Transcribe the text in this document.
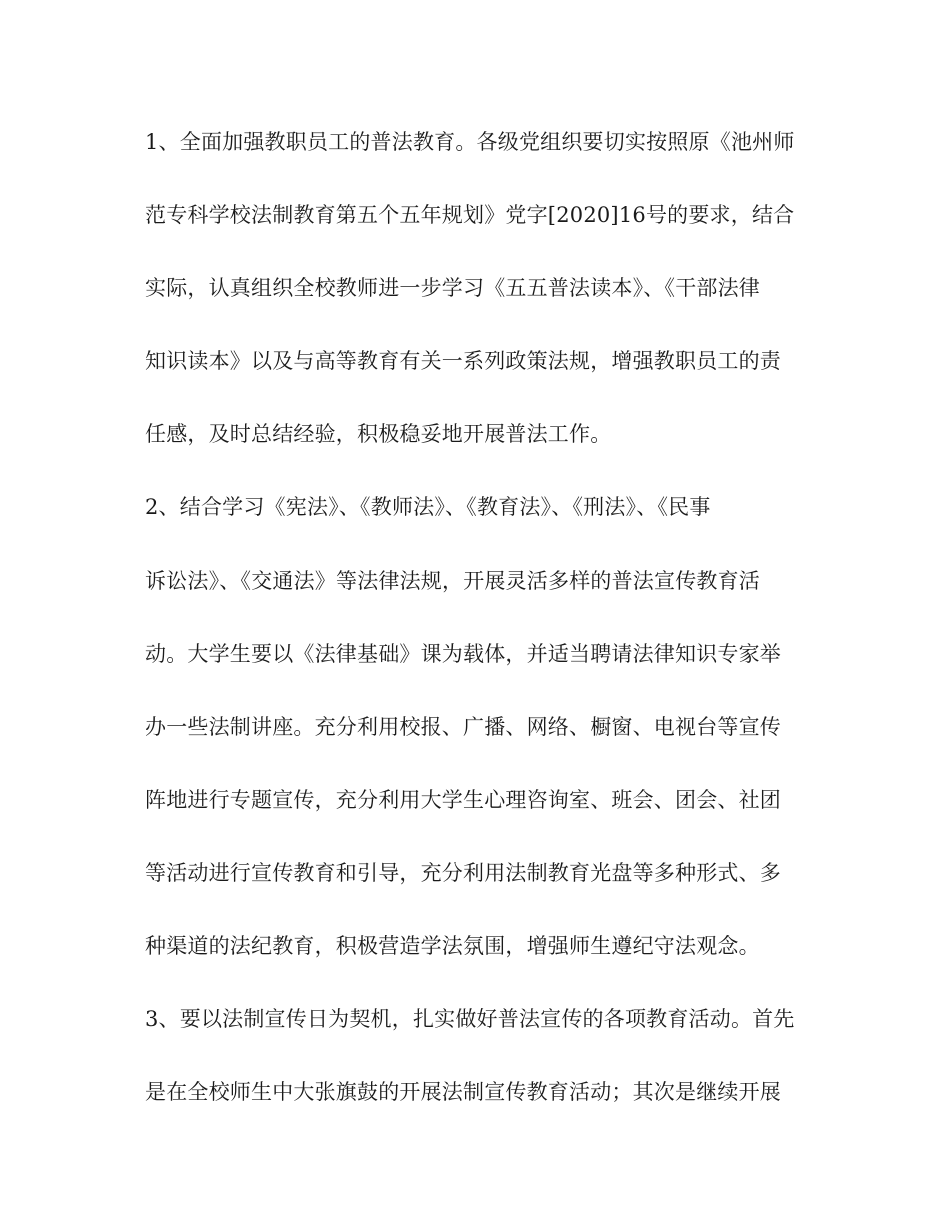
1、全面加强教职员工的普法教育。各级党组织要切实按照原《池州师
范专科学校法制教育第五个五年规划》党字[2020]16号的要求，结合
实际，认真组织全校教师进一步学习《五五普法读本》、《干部法律
知识读本》以及与高等教育有关一系列政策法规，增强教职员工的责
任感，及时总结经验，积极稳妥地开展普法工作。
2、结合学习《宪法》、《教师法》、《教育法》、《刑法》、《民事
诉讼法》、《交通法》等法律法规，开展灵活多样的普法宣传教育活
动。大学生要以《法律基础》课为载体，并适当聘请法律知识专家举
办一些法制讲座。充分利用校报、广播、网络、橱窗、电视台等宣传
阵地进行专题宣传，充分利用大学生心理咨询室、班会、团会、社团
等活动进行宣传教育和引导，充分利用法制教育光盘等多种形式、多
种渠道的法纪教育，积极营造学法氛围，增强师生遵纪守法观念。
3、要以法制宣传日为契机，扎实做好普法宣传的各项教育活动。首先
是在全校师生中大张旗鼓的开展法制宣传教育活动；其次是继续开展
